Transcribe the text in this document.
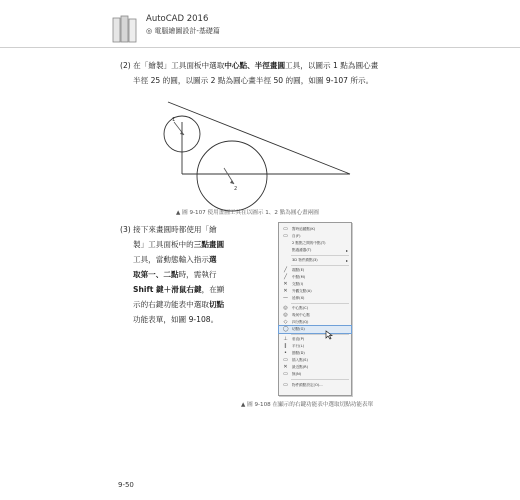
AutoCAD 2016
◎ 電腦繪圖設計-基礎篇
(2) 在「繪製」工具面板中選取中心點、半徑畫圓工具，以圖示 1 點為圓心畫
半徑 25 的圓，以圖示 2 點為圓心畫半徑 50 的圓，如圖 9-107 所示。
1
2
▲ 圖 9-107 使用畫圓工具在以圖示 1、2 點為圓心畫兩圓
(3) 接下來畫圓時都使用「繪
製」工具面板中的三點畫圓
工具，當動態輸入指示選
取第一、二點時，需執行
Shift 鍵＋滑鼠右鍵，在顯
示的右鍵功能表中選取切點
功能表單，如圖 9-108。
▭ 暫時追蹤點(K)
▭ 自(F)
2 點點之間的中點(T)
點過濾器(T)	▸
3D 物件鎖點(3)	▸
╱ 端點(E)
╱ 中點(M)
✕ 交點(I)
✕ 外觀交點(A)
— 延伸(X)
◎ 中心點(C)
◎ 幾何中心點
◇ 四分點(Q)
◯ 切點(G)
⊥ 垂直(P)
∥	平行(L)
• 節點(D)
▭ 插入點(S)
✕ 最近點(R)
▭ 無(N)
▭ 物件鎖點設定(O)...
▲ 圖 9-108 在顯示的右鍵功能表中選取切點功能表單
9-50
